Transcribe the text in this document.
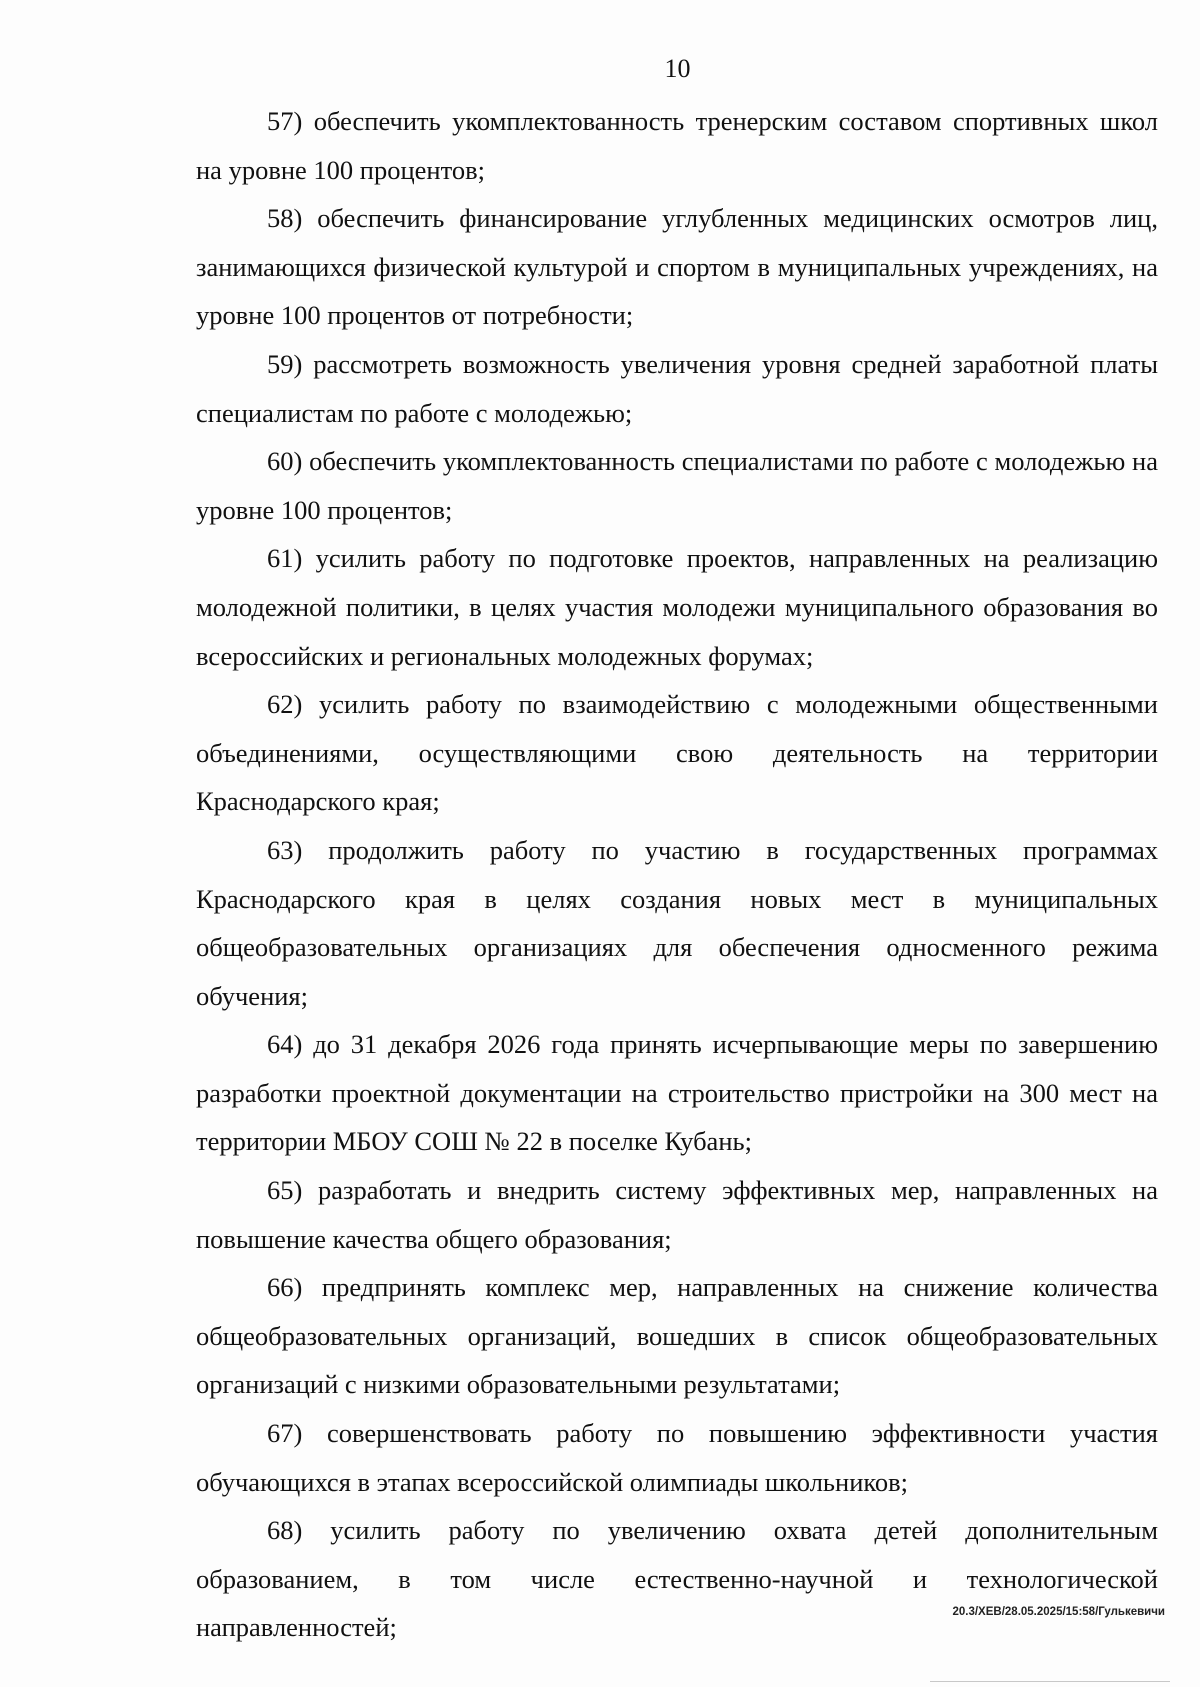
10

57) обеспечить укомплектованность тренерским составом спортивных школ на уровне 100 процентов;

58) обеспечить финансирование углубленных медицинских осмотров лиц, занимающихся физической культурой и спортом в муниципальных учреждениях, на уровне 100 процентов от потребности;

59) рассмотреть возможность увеличения уровня средней заработной платы специалистам по работе с молодежью;

60) обеспечить укомплектованность специалистами по работе с молодежью на уровне 100 процентов;

61) усилить работу по подготовке проектов, направленных на реализацию молодежной политики, в целях участия молодежи муниципального образования во всероссийских и региональных молодежных форумах;

62) усилить работу по взаимодействию с молодежными общественными объединениями, осуществляющими свою деятельность на территории Краснодарского края;

63) продолжить работу по участию в государственных программах Краснодарского края в целях создания новых мест в муниципальных общеобразовательных организациях для обеспечения односменного режима обучения;

64) до 31 декабря 2026 года принять исчерпывающие меры по завершению разработки проектной документации на строительство пристройки на 300 мест на территории МБОУ СОШ № 22 в поселке Кубань;

65) разработать и внедрить систему эффективных мер, направленных на повышение качества общего образования;

66) предпринять комплекс мер, направленных на снижение количества общеобразовательных организаций, вошедших в список общеобразовательных организаций с низкими образовательными результатами;

67) совершенствовать работу по повышению эффективности участия обучающихся в этапах всероссийской олимпиады школьников;

68) усилить работу по увеличению охвата детей дополнительным образованием, в том числе естественно-научной и технологической направленностей;

20.3/ХЕВ/28.05.2025/15:58/Гулькевичи
